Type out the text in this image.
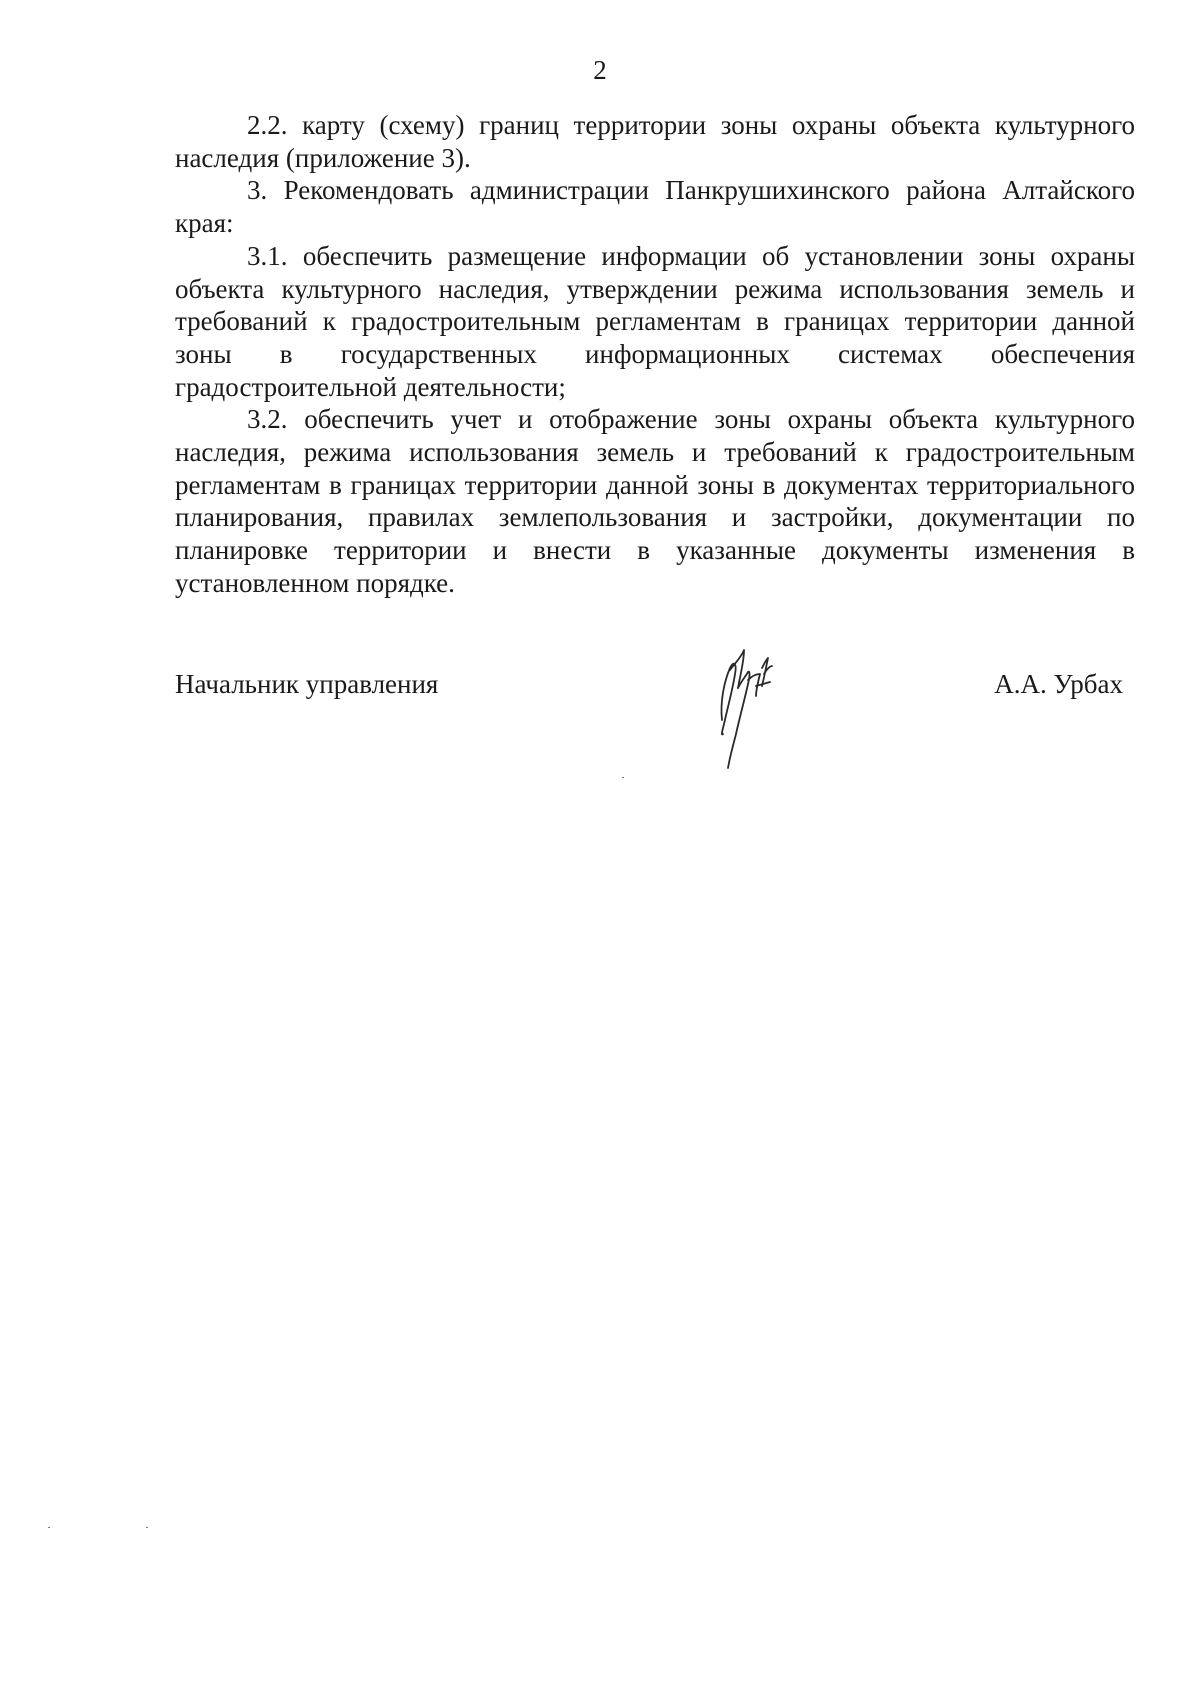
2

2.2. карту (схему) границ территории зоны охраны объекта культурного наследия (приложение 3).

3. Рекомендовать администрации Панкрушихинского района Алтайского края:

3.1. обеспечить размещение информации об установлении зоны охраны объекта культурного наследия, утверждении режима использования земель и требований к градостроительным регламентам в границах территории данной зоны в государственных информационных системах обеспечения градостроительной деятельности;

3.2. обеспечить учет и отображение зоны охраны объекта культурного наследия, режима использования земель и требований к градостроительным регламентам в границах территории данной зоны в документах территориального планирования, правилах землепользования и застройки, документации по планировке территории и внести в указанные документы изменения в установленном порядке.

Начальник управления	А.А. Урбах
